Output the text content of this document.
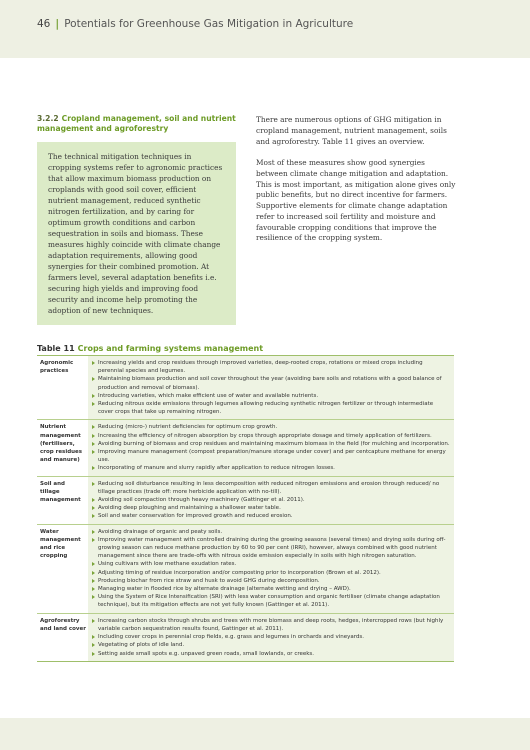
46 | Potentials for Greenhouse Gas Mitigation in Agriculture
3.2.2 Cropland management, soil and nutrient management and agroforestry

The technical mitigation techniques in cropping systems refer to agronomic practices that allow maximum biomass production on croplands with good soil cover, efficient nutrient management, reduced synthetic nitrogen fertilization, and by caring for optimum growth conditions and carbon sequestration in soils and biomass. These measures highly coincide with climate change adaptation requirements, allowing good synergies for their combined promotion. At farmers level, several adaptation benefits i.e. securing high yields and improving food security and income help promoting the adoption of new techniques.

There are numerous options of GHG mitigation in cropland management, nutrient management, soils and agroforestry. Table 11 gives an overview.

Most of these measures show good synergies between climate change mitigation and adaptation. This is most important, as mitigation alone gives only public benefits, but no direct incentive for farmers. Supportive elements for climate change adaptation refer to increased soil fertility and moisture and favourable cropping conditions that improve the resilience of the cropping system.

Table 11 Crops and farming systems management
Agronomic practices
Increasing yields and crop residues through improved varieties, deep-rooted crops, rotations or mixed crops including perennial species and legumes.
Maintaining biomass production and soil cover throughout the year (avoiding bare soils and rotations with a good balance of production and removal of biomass).
Introducing varieties, which make efficient use of water and available nutrients.
Reducing nitrous oxide emissions through legumes allowing reducing synthetic nitrogen fertilizer or through intermediate cover crops that take up remaining nitrogen.
Nutrient management (fertilisers, crop residues and manure)
Reducing (micro-) nutrient deficiencies for optimum crop growth.
Increasing the efficiency of nitrogen absorption by crops through appropriate dosage and timely application of fertilizers.
Avoiding burning of biomass and crop residues and maintaining maximum biomass in the field (for mulching and incorporation.
Improving manure management (compost preparation/manure storage under cover) and per centcapture methane for energy use.
Incorporating of manure and slurry rapidly after application to reduce nitrogen losses.
Soil and tillage management
Reducing soil disturbance resulting in less decomposition with reduced nitrogen emissions and erosion through reduced/ no tillage practices (trade off: more herbicide application with no-till).
Avoiding soil compaction through heavy machinery (Gattinger et al. 2011).
Avoiding deep ploughing and maintaining a shallower water table.
Soil and water conservation for improved growth and reduced erosion.
Water management and rice cropping
Avoiding drainage of organic and peaty soils.
Improving water management with controlled draining during the growing seasons (several times) and drying soils during off-growing season can reduce methane production by 60 to 90 per cent (IRRI), however, always combined with good nutrient management since there are trade-offs with nitrous oxide emission especially in soils with high nitrogen saturation.
Using cultivars with low methane exudation rates.
Adjusting timing of residue incorporation and/or composting prior to incorporation (Brown et al. 2012).
Producing biochar from rice straw and husk to avoid GHG during decomposition.
Managing water in flooded rice by alternate drainage (alternate wetting and drying – AWD).
Using the System of Rice Intensification (SRI) with less water consumption and organic fertiliser (climate change adaptation technique), but its mitigation effects are not yet fully known (Gattinger et al. 2011).
Agroforestry and land cover
Increasing carbon stocks through shrubs and trees with more biomass and deep roots, hedges, intercropped rows (but highly variable carbon sequestration results found, Gattinger et al. 2011).
Including cover crops in perennial crop fields, e.g. grass and legumes in orchards and vineyards.
Vegetating of plots of idle land.
Setting aside small spots e.g. unpaved green roads, small lowlands, or creeks.
